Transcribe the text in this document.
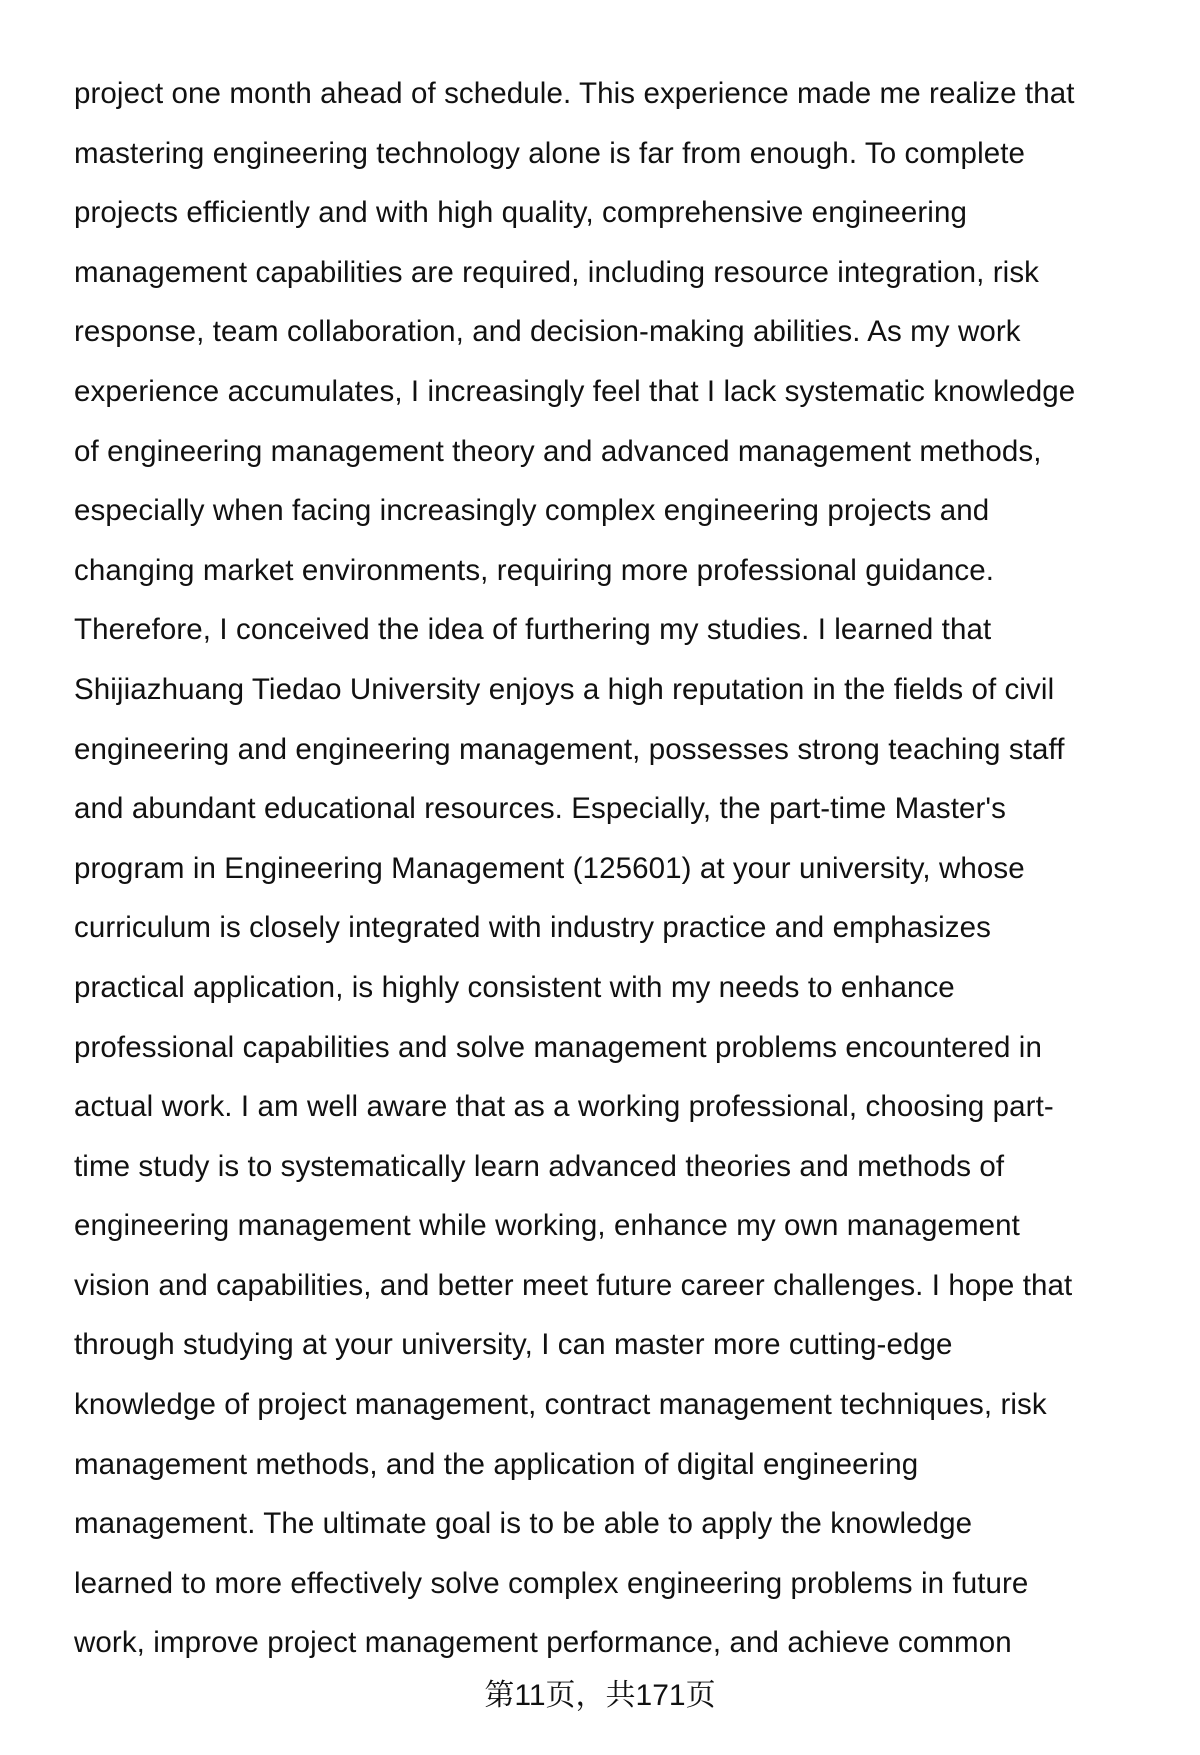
project one month ahead of schedule. This experience made me realize that
mastering engineering technology alone is far from enough. To complete
projects efficiently and with high quality, comprehensive engineering
management capabilities are required, including resource integration, risk
response, team collaboration, and decision-making abilities. As my work
experience accumulates, I increasingly feel that I lack systematic knowledge
of engineering management theory and advanced management methods,
especially when facing increasingly complex engineering projects and
changing market environments, requiring more professional guidance.
Therefore, I conceived the idea of furthering my studies. I learned that
Shijiazhuang Tiedao University enjoys a high reputation in the fields of civil
engineering and engineering management, possesses strong teaching staff
and abundant educational resources. Especially, the part-time Master's
program in Engineering Management (125601) at your university, whose
curriculum is closely integrated with industry practice and emphasizes
practical application, is highly consistent with my needs to enhance
professional capabilities and solve management problems encountered in
actual work. I am well aware that as a working professional, choosing part-
time study is to systematically learn advanced theories and methods of
engineering management while working, enhance my own management
vision and capabilities, and better meet future career challenges. I hope that
through studying at your university, I can master more cutting-edge
knowledge of project management, contract management techniques, risk
management methods, and the application of digital engineering
management. The ultimate goal is to be able to apply the knowledge
learned to more effectively solve complex engineering problems in future
work, improve project management performance, and achieve common
第11页，共171页
